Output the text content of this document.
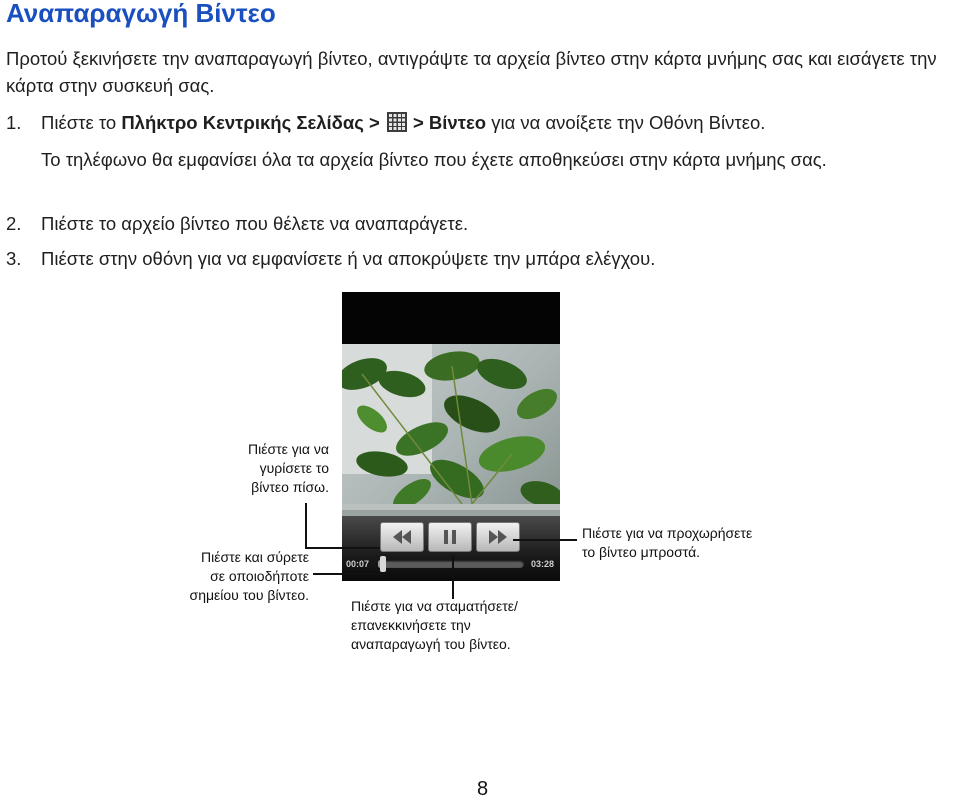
Αναπαραγωγή Βίντεο
Προτού ξεκινήσετε την αναπαραγωγή βίντεο, αντιγράψτε τα αρχεία βίντεο στην κάρτα μνήμης σας και εισάγετε την κάρτα στην συσκευή σας.
1. Πιέστε το Πλήκτρο Κεντρικής Σελίδας > > Βίντεο για να ανοίξετε την Οθόνη Βίντεο.
Το τηλέφωνο θα εμφανίσει όλα τα αρχεία βίντεο που έχετε αποθηκεύσει στην κάρτα μνήμης σας.
2. Πιέστε το αρχείο βίντεο που θέλετε να αναπαράγετε.
3. Πιέστε στην οθόνη για να εμφανίσετε ή να αποκρύψετε την μπάρα ελέγχου.
00:07	03:28
Πιέστε για να
γυρίσετε το
βίντεο πίσω.
Πιέστε για να προχωρήσετε
το βίντεο μπροστά.
Πιέστε και σύρετε
σε οποιοδήποτε
σημείου του βίντεο.
Πιέστε για να σταματήσετε/
επανεκκινήσετε την
αναπαραγωγή του βίντεο.
8
